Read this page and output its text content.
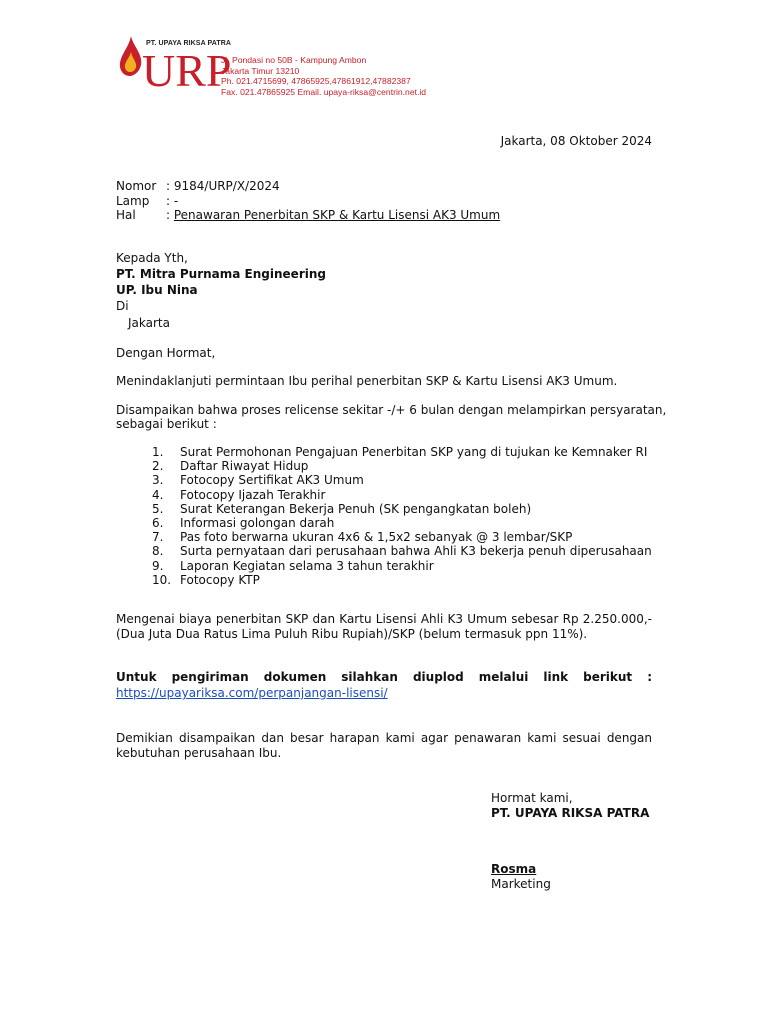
PT. UPAYA RIKSA PATRA
URP
Jl. Pondasi no 50B - Kampung Ambon
Jakarta Timur 13210
Ph. 021.4715699, 47865925,47861912,47882387
Fax. 021.47865925 Email. upaya-riksa@centrin.net.id
Jakarta, 08 Oktober 2024
Nomor : 9184/URP/X/2024
Lamp : -
Hal	: Penawaran Penerbitan SKP & Kartu Lisensi AK3 Umum
Kepada Yth,
PT. Mitra Purnama Engineering
UP. Ibu Nina
Di
Jakarta
Dengan Hormat,
Menindaklanjuti permintaan Ibu perihal penerbitan SKP & Kartu Lisensi AK3 Umum.
Disampaikan bahwa proses relicense sekitar -/+ 6 bulan dengan melampirkan persyaratan,
sebagai berikut :
1. Surat Permohonan Pengajuan Penerbitan SKP yang di tujukan ke Kemnaker RI
2. Daftar Riwayat Hidup
3. Fotocopy Sertifikat AK3 Umum
4. Fotocopy Ijazah Terakhir
5. Surat Keterangan Bekerja Penuh (SK pengangkatan boleh)
6. Informasi golongan darah
7. Pas foto berwarna ukuran 4x6 & 1,5x2 sebanyak @ 3 lembar/SKP
8. Surta pernyataan dari perusahaan bahwa Ahli K3 bekerja penuh diperusahaan
9. Laporan Kegiatan selama 3 tahun terakhir
10. Fotocopy KTP
Mengenai biaya penerbitan SKP dan Kartu Lisensi Ahli K3 Umum sebesar Rp 2.250.000,- (Dua Juta Dua Ratus Lima Puluh Ribu Rupiah)/SKP (belum termasuk ppn 11%).
Untuk pengiriman dokumen silahkan diuplod melalui link berikut :
https://upayariksa.com/perpanjangan-lisensi/
Demikian disampaikan dan besar harapan kami agar penawaran kami sesuai dengan kebutuhan perusahaan Ibu.
Hormat kami,
PT. UPAYA RIKSA PATRA
Rosma
Marketing
